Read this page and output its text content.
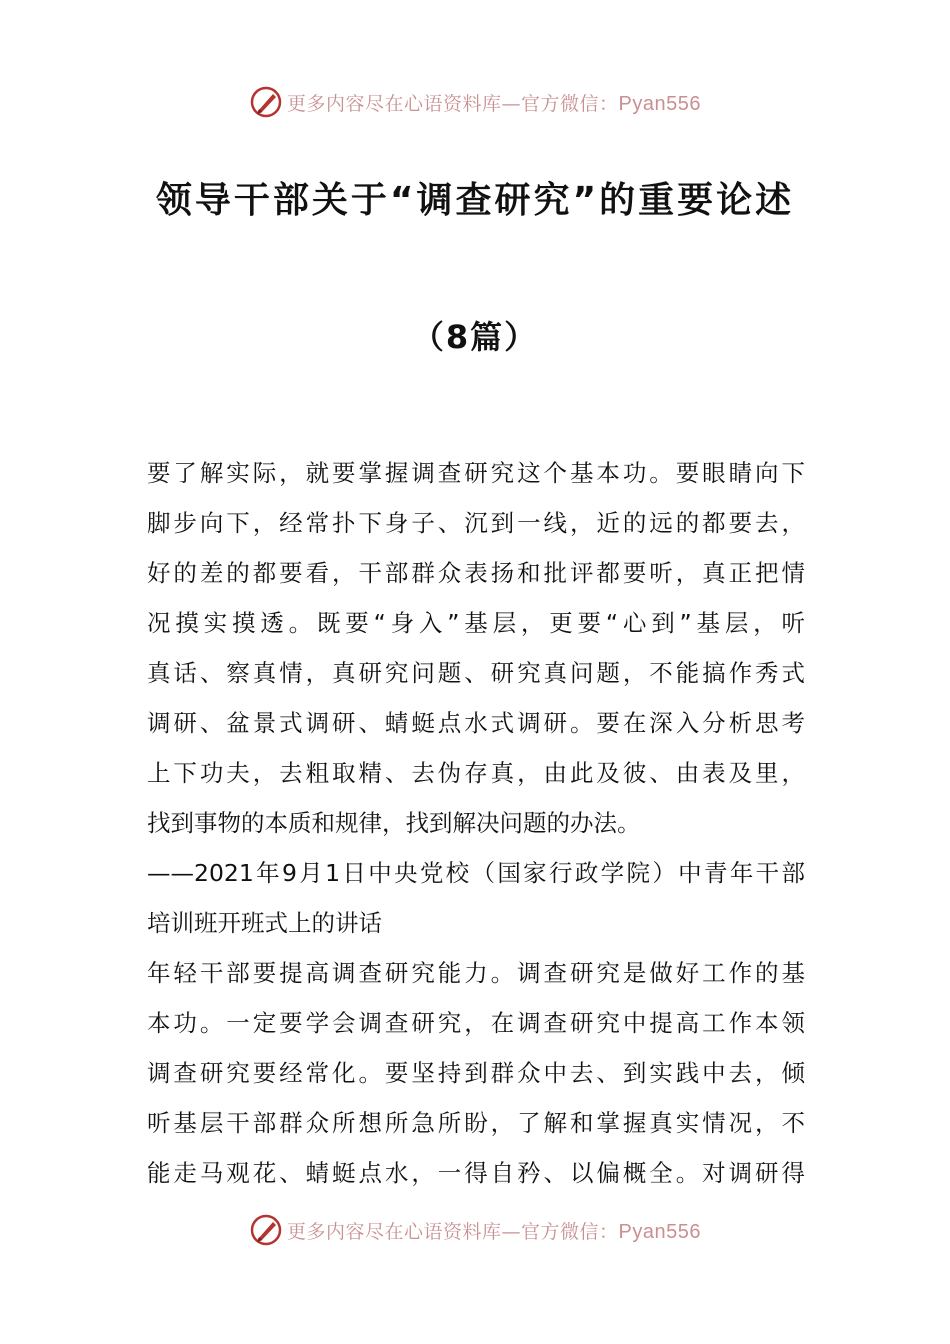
更多内容尽在心语资料库—官方微信：Pyan556
领导干部关于“调查研究”的重要论述
（8篇）
要了解实际，就要掌握调查研究这个基本功。要眼睛向下
脚步向下，经常扑下身子、沉到一线，近的远的都要去，
好的差的都要看，干部群众表扬和批评都要听，真正把情
况摸实摸透。既要“身入”基层，更要“心到”基层，听
真话、察真情，真研究问题、研究真问题，不能搞作秀式
调研、盆景式调研、蜻蜓点水式调研。要在深入分析思考
上下功夫，去粗取精、去伪存真，由此及彼、由表及里，
找到事物的本质和规律，找到解决问题的办法。
——2021年9月1日中央党校（国家行政学院）中青年干部
培训班开班式上的讲话
年轻干部要提高调查研究能力。调查研究是做好工作的基
本功。一定要学会调查研究，在调查研究中提高工作本领
调查研究要经常化。要坚持到群众中去、到实践中去，倾
听基层干部群众所想所急所盼，了解和掌握真实情况，不
能走马观花、蜻蜓点水，一得自矜、以偏概全。对调研得
更多内容尽在心语资料库—官方微信：Pyan556
